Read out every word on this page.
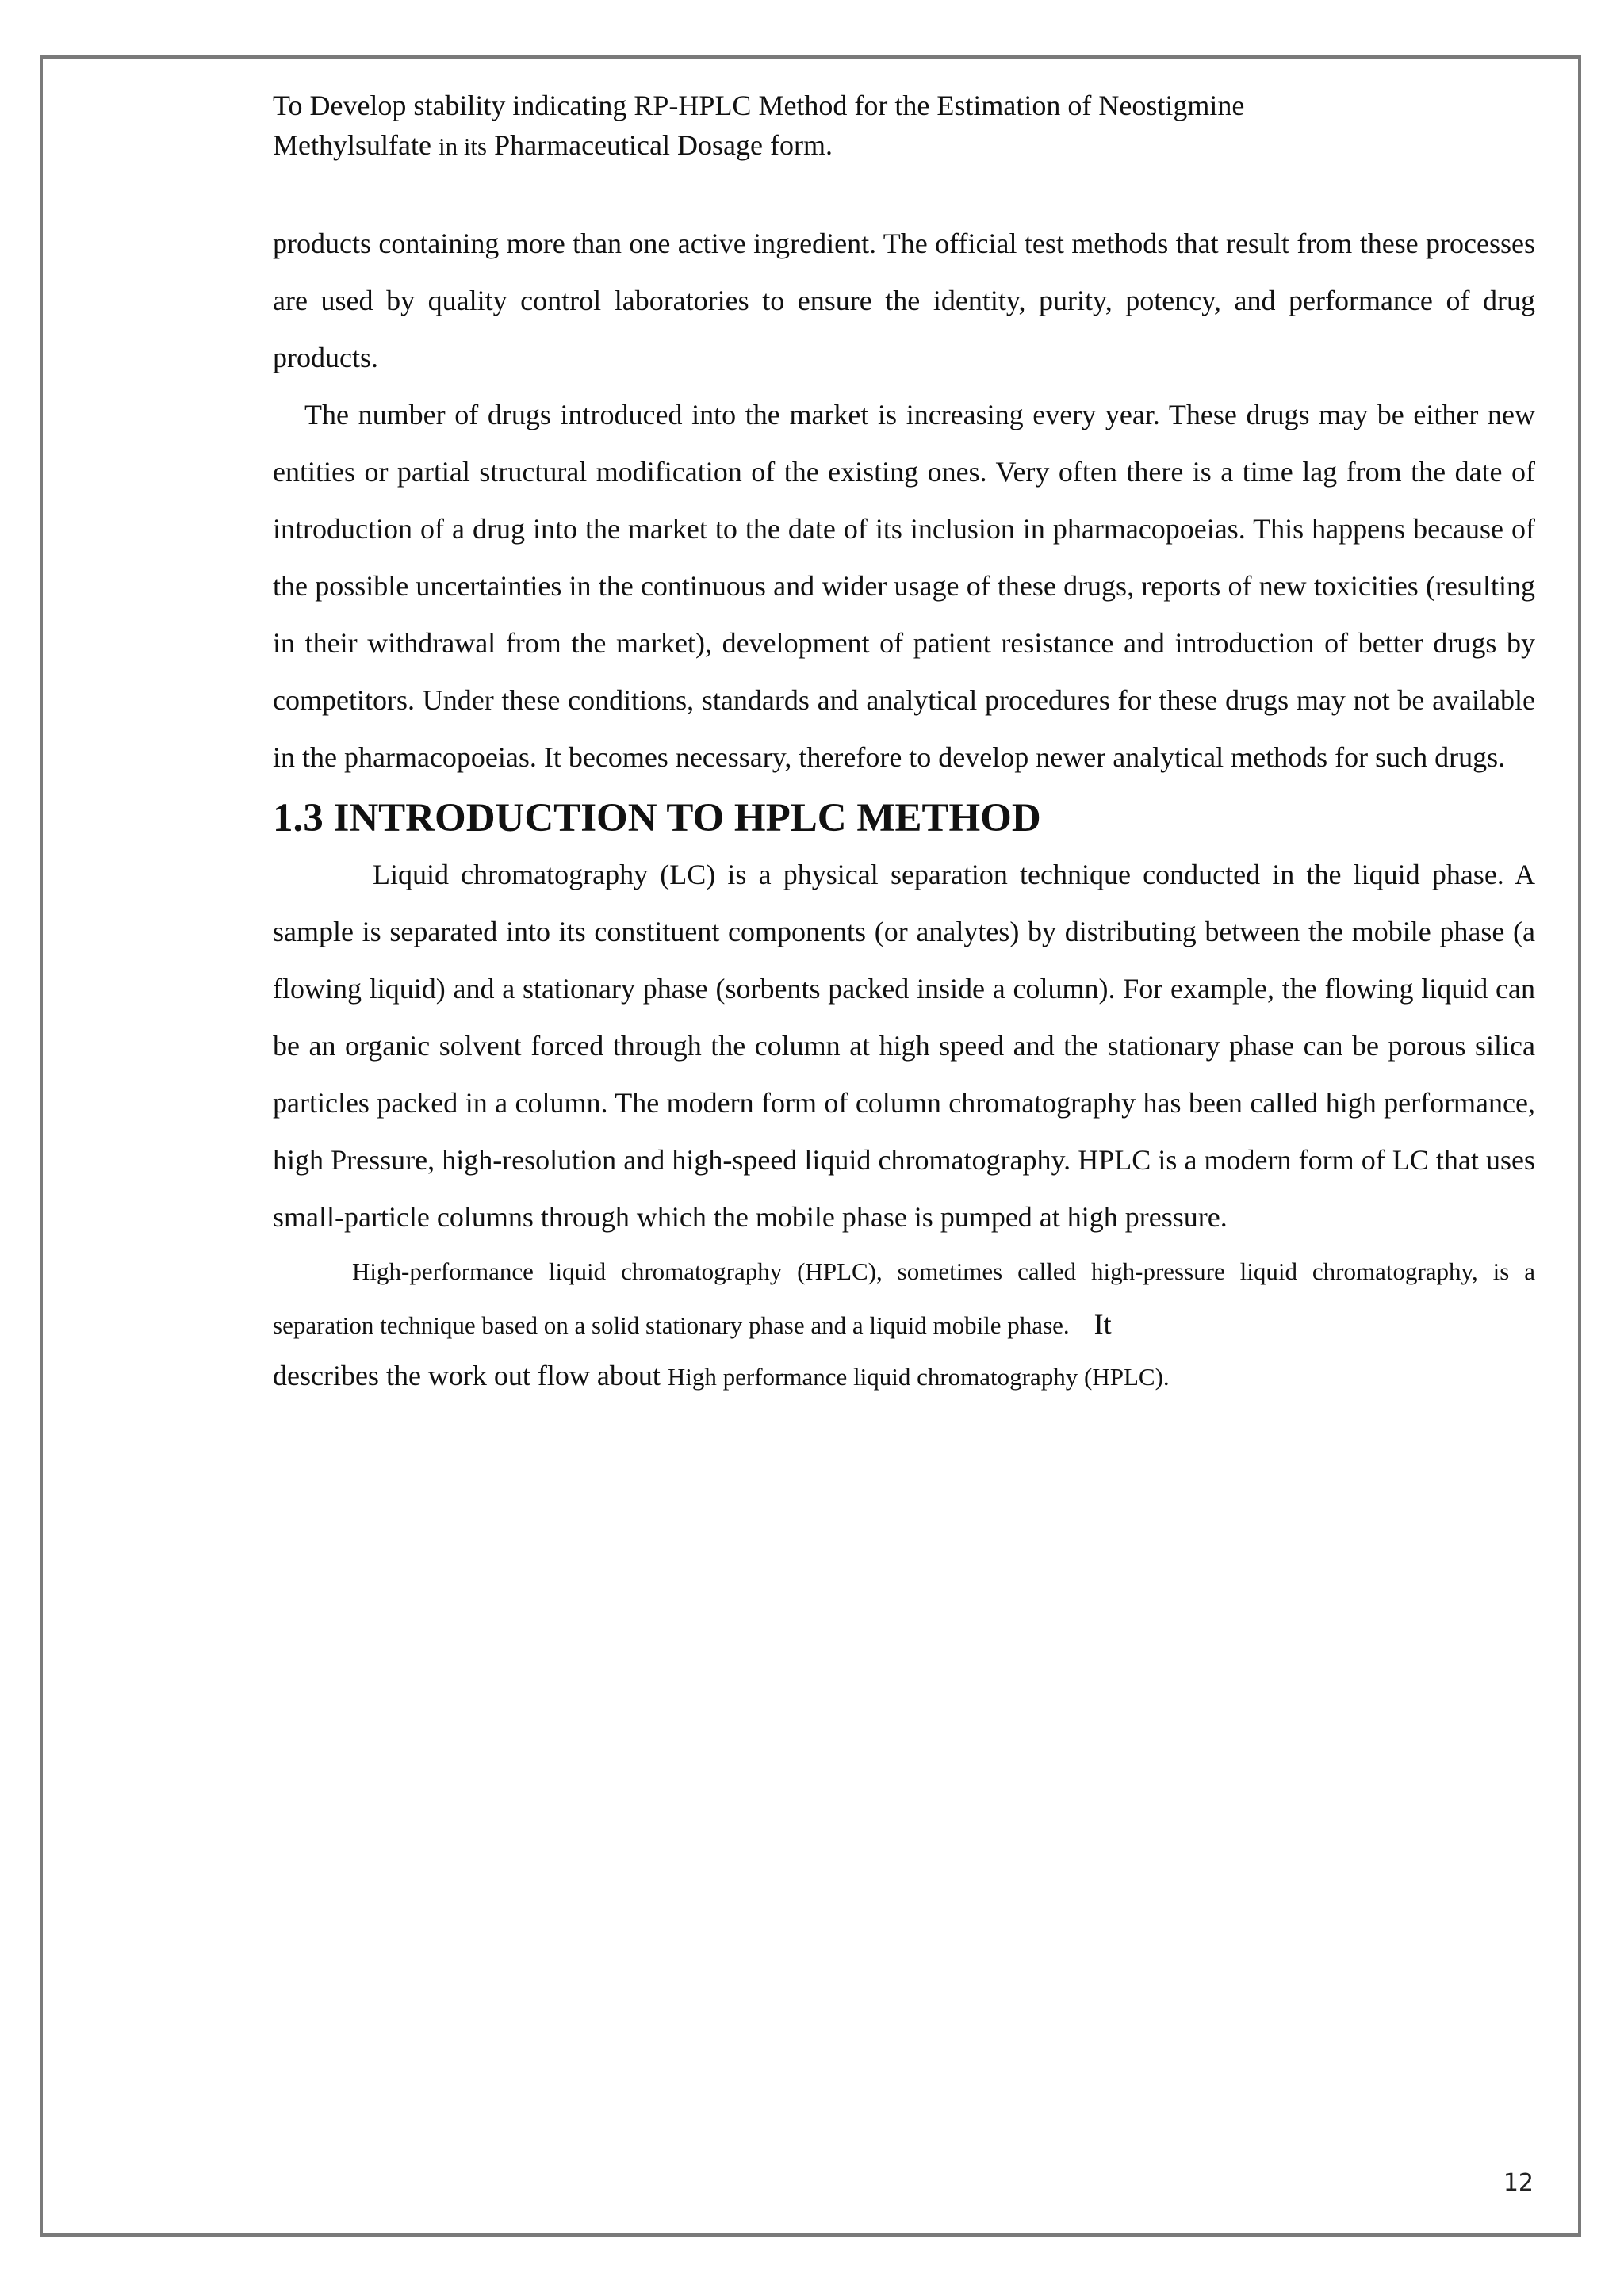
To Develop stability indicating RP-HPLC Method for the Estimation of Neostigmine
Methylsulfate in its Pharmaceutical Dosage form.

products containing more than one active ingredient. The official test methods that result from these processes are used by quality control laboratories to ensure the identity, purity, potency, and performance of drug products.

The number of drugs introduced into the market is increasing every year. These drugs may be either new entities or partial structural modification of the existing ones. Very often there is a time lag from the date of introduction of a drug into the market to the date of its inclusion in pharmacopoeias. This happens because of the possible uncertainties in the continuous and wider usage of these drugs, reports of new toxicities (resulting in their withdrawal from the market), development of patient resistance and introduction of better drugs by competitors. Under these conditions, standards and analytical procedures for these drugs may not be available in the pharmacopoeias. It becomes necessary, therefore to develop newer analytical methods for such drugs.

1.3 INTRODUCTION TO HPLC METHOD

Liquid chromatography (LC) is a physical separation technique conducted in the liquid phase. A sample is separated into its constituent components (or analytes) by distributing between the mobile phase (a flowing liquid) and a stationary phase (sorbents packed inside a column). For example, the flowing liquid can be an organic solvent forced through the column at high speed and the stationary phase can be porous silica particles packed in a column. The modern form of column chromatography has been called high performance, high Pressure, high-resolution and high-speed liquid chromatography. HPLC is a modern form of LC that uses small-particle columns through which the mobile phase is pumped at high pressure.

High-performance liquid chromatography (HPLC), sometimes called high-pressure liquid chromatography, is a separation technique based on a solid stationary phase and a liquid mobile phase. It

describes the work out flow about High performance liquid chromatography (HPLC).

12
